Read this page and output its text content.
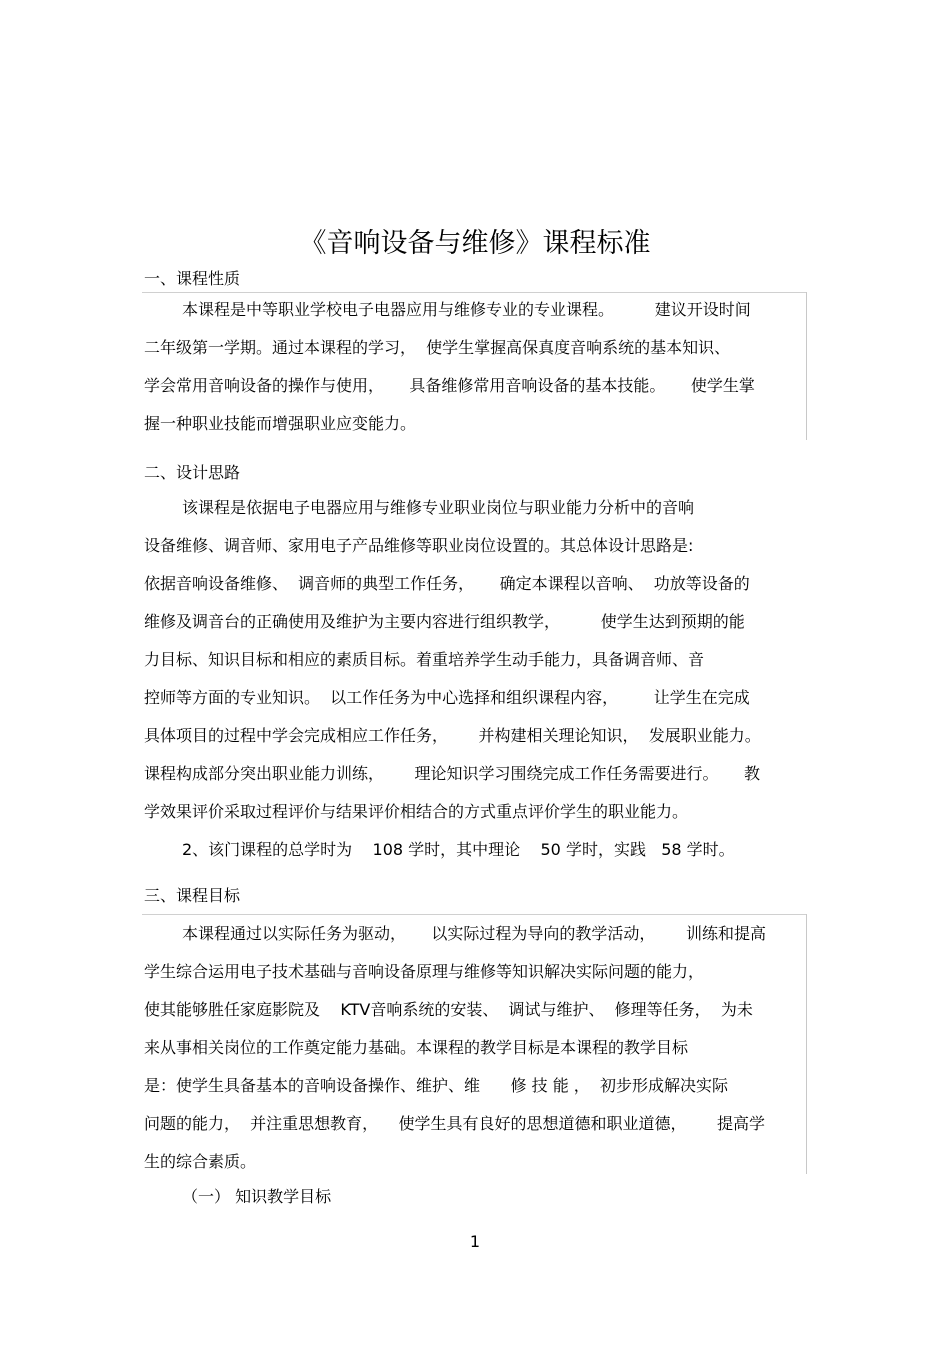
《音响设备与维修》课程标准
一、课程性质
本课程是中等职业学校电子电器应用与维修专业的专业课程。        建议开设时间
二年级第一学期。通过本课程的学习，  使学生掌握高保真度音响系统的基本知识、
学会常用音响设备的操作与使用，     具备维修常用音响设备的基本技能。     使学生掌
握一种职业技能而增强职业应变能力。
二、设计思路
该课程是依据电子电器应用与维修专业职业岗位与职业能力分析中的音响
设备维修、调音师、家用电子产品维修等职业岗位设置的。其总体设计思路是:
依据音响设备维修、  调音师的典型工作任务，     确定本课程以音响、  功放等设备的
维修及调音台的正确使用及维护为主要内容进行组织教学，        使学生达到预期的能
力目标、知识目标和相应的素质目标。着重培养学生动手能力，具备调音师、音
控师等方面的专业知识。  以工作任务为中心选择和组织课程内容，       让学生在完成
具体项目的过程中学会完成相应工作任务，      并构建相关理论知识，  发展职业能力。
课程构成部分突出职业能力训练，      理论知识学习围绕完成工作任务需要进行。     教
学效果评价采取过程评价与结果评价相结合的方式重点评价学生的职业能力。
2、该门课程的总学时为    108 学时，其中理论    50 学时，实践   58 学时。
三、课程目标
本课程通过以实际任务为驱动，     以实际过程为导向的教学活动，      训练和提高
学生综合运用电子技术基础与音响设备原理与维修等知识解决实际问题的能力，
使其能够胜任家庭影院及    KTV音响系统的安装、  调试与维护、  修理等任务，  为未
来从事相关岗位的工作奠定能力基础。本课程的教学目标是本课程的教学目标
是：使学生具备基本的音响设备操作、维护、维      修 技 能 ，  初步形成解决实际
问题的能力，  并注重思想教育，    使学生具有良好的思想道德和职业道德，      提高学
生的综合素质。
（一） 知识教学目标
1
